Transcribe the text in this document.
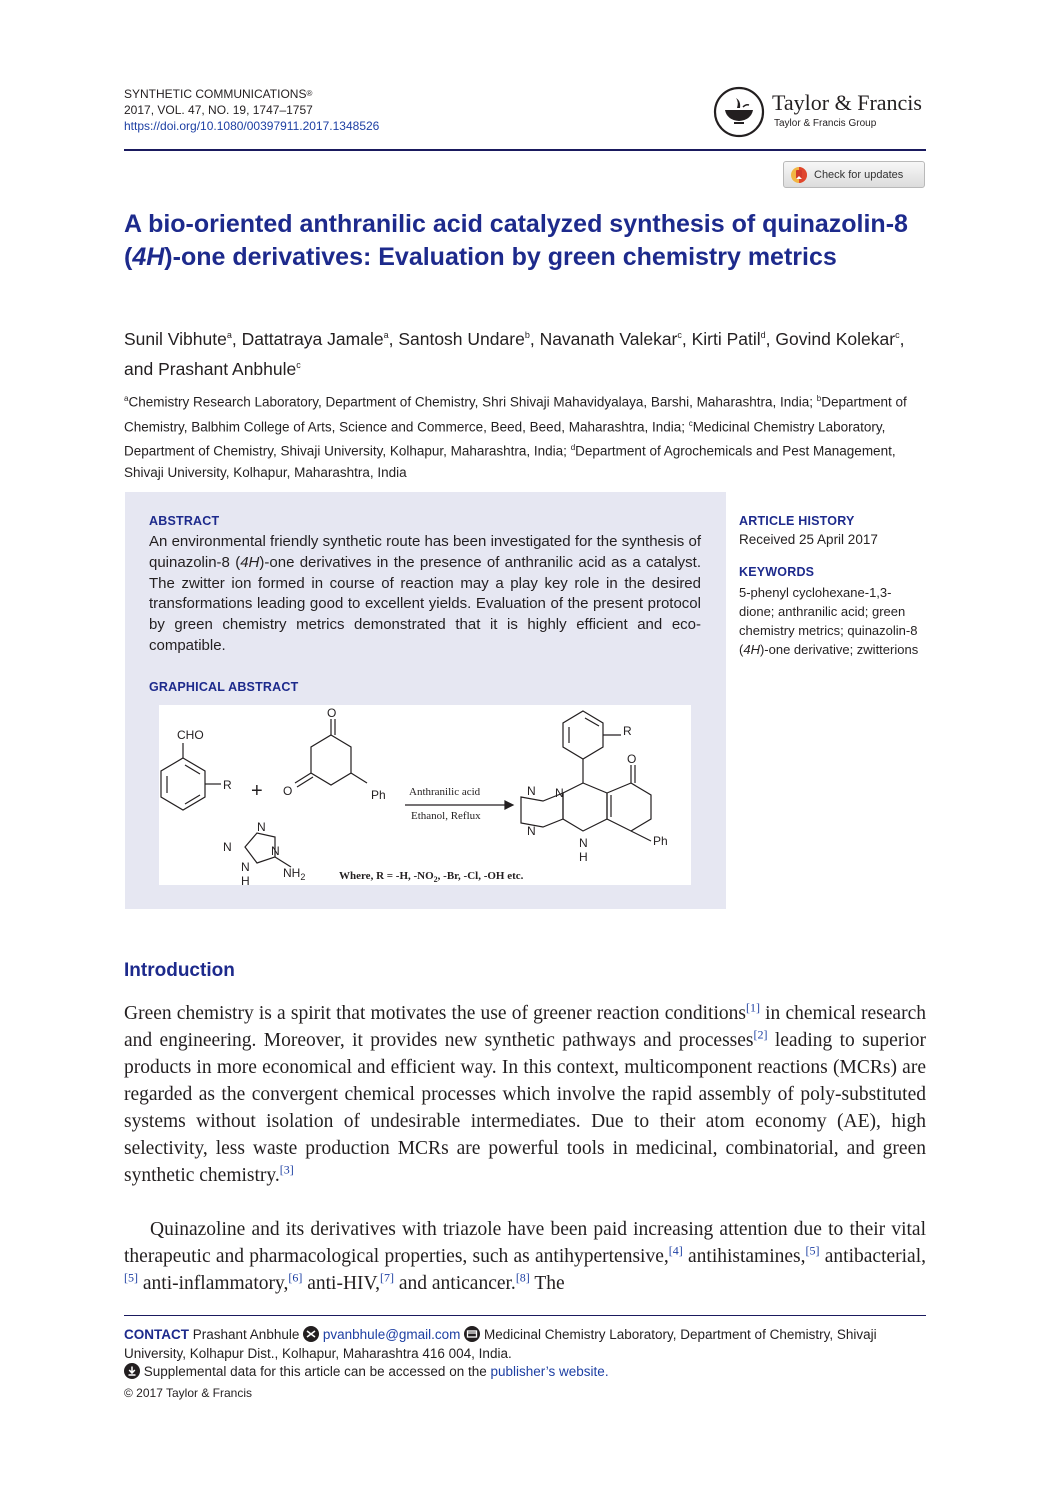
SYNTHETIC COMMUNICATIONS®
2017, VOL. 47, NO. 19, 1747–1757
https://doi.org/10.1080/00397911.2017.1348526
Taylor & Francis
Taylor & Francis Group
Check for updates
A bio-oriented anthranilic acid catalyzed synthesis of quinazolin-8 (4H)-one derivatives: Evaluation by green chemistry metrics
Sunil Vibhute$^a$, Dattatraya Jamale$^a$, Santosh Undare$^b$, Navanath Valekar$^c$, Kirti Patil$^d$, Govind Kolekar$^c$, and Prashant Anbhule$^c$
$^a$Chemistry Research Laboratory, Department of Chemistry, Shri Shivaji Mahavidyalaya, Barshi, Maharashtra, India; $^b$Department of Chemistry, Balbhim College of Arts, Science and Commerce, Beed, Beed, Maharashtra, India; $^c$Medicinal Chemistry Laboratory, Department of Chemistry, Shivaji University, Kolhapur, Maharashtra, India; $^d$Department of Agrochemicals and Pest Management, Shivaji University, Kolhapur, Maharashtra, India
ABSTRACT
An environmental friendly synthetic route has been investigated for the synthesis of quinazolin-8 (4H)-one derivatives in the presence of anthranilic acid as a catalyst. The zwitter ion formed in course of reaction may a play key role in the desired transformations leading good to excellent yields. Evaluation of the present protocol by green chemistry metrics demonstrated that it is highly efficient and eco-compatible.
GRAPHICAL ABSTRACT
CHO
R +
O
O	Ph
N
N
N
H
N
$NH_2$
Anthranilic acid
Ethanol, Reflux
R
O
N
N
N
N
H
Ph
Where, R = -H, $-NO_2$, -Br, -Cl, -OH etc.
ARTICLE HISTORY
Received 25 April 2017
KEYWORDS
5-phenyl cyclohexane-1,3-dione; anthranilic acid; green chemistry metrics; quinazolin-8 (4H)-one derivative; zwitterions
Introduction
Green chemistry is a spirit that motivates the use of greener reaction conditions[1] in chemical research and engineering. Moreover, it provides new synthetic pathways and processes[2] leading to superior products in more economical and efficient way. In this context, multicomponent reactions (MCRs) are regarded as the convergent chemical processes which involve the rapid assembly of poly-substituted systems without isolation of undesirable intermediates. Due to their atom economy (AE), high selectivity, less waste production MCRs are powerful tools in medicinal, combinatorial, and green synthetic chemistry.[3]
Quinazoline and its derivatives with triazole have been paid increasing attention due to their vital therapeutic and pharmacological properties, such as antihypertensive,[4] antihistamines,[5] antibacterial,[5] anti-inflammatory,[6] anti-HIV,[7] and anticancer.[8] The
CONTACT Prashant Anbhule pvanbhule@gmail.com Medicinal Chemistry Laboratory, Department of Chemistry, Shivaji University, Kolhapur Dist., Kolhapur, Maharashtra 416 004, India.
Supplemental data for this article can be accessed on the publisher’s website.
© 2017 Taylor & Francis
